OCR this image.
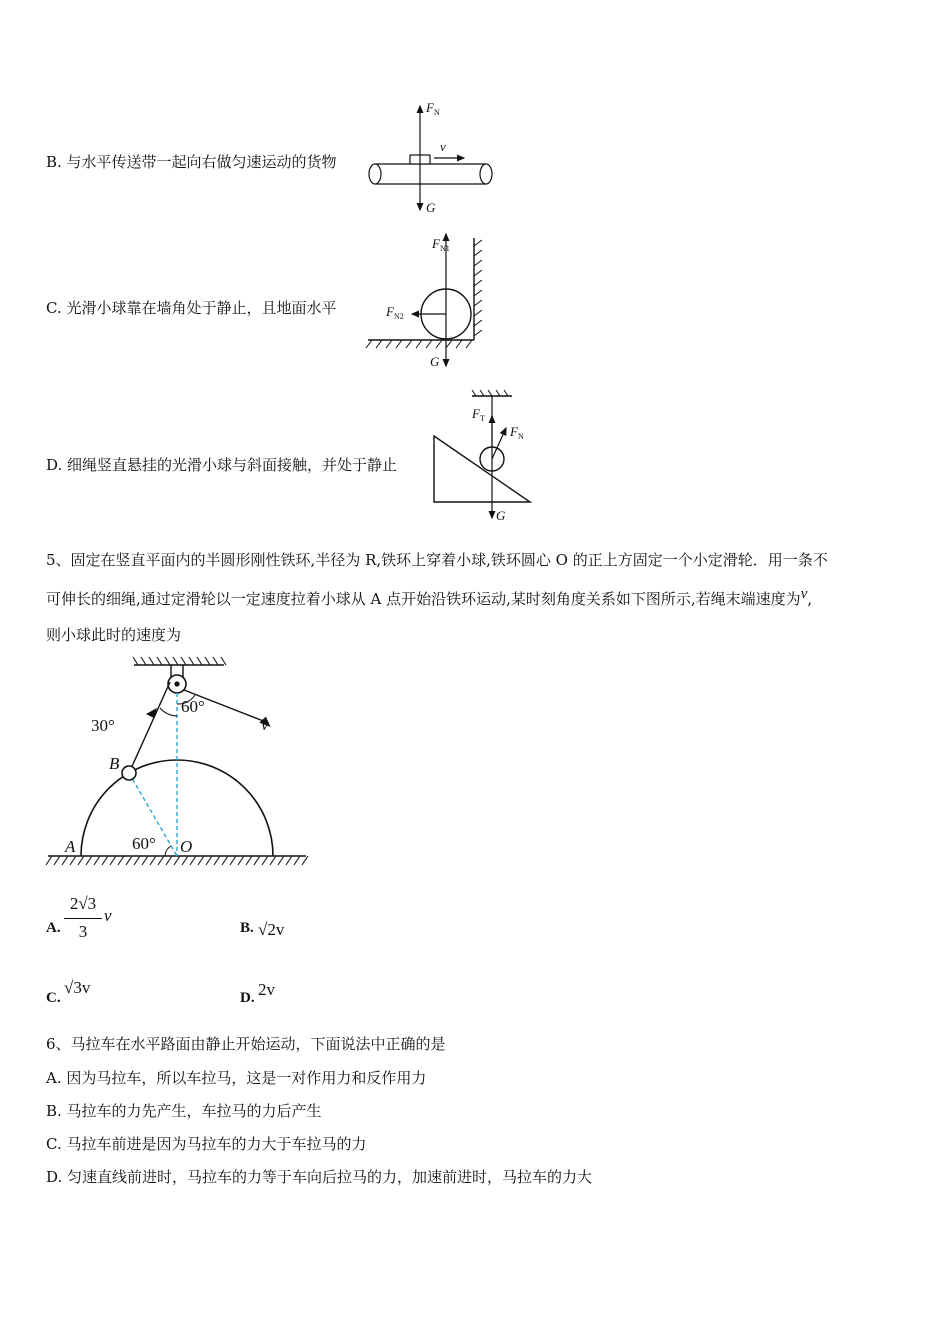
B. 与水平传送带一起向右做匀速运动的货物
$F_N$
v
G
C. 光滑小球靠在墙角处于静止，且地面水平
$F_{N1}$
$F_{N2}$
G
D. 细绳竖直悬挂的光滑小球与斜面接触，并处于静止
$F_T$
$F_N$
G
5、固定在竖直平面内的半圆形刚性铁环,半径为 R,铁环上穿着小球,铁环圆心 O 的正上方固定一个小定滑轮．用一条不
可伸长的细绳,通过定滑轮以一定速度拉着小球从 A 点开始沿铁环运动,某时刻角度关系如下图所示,若绳末端速度为v,
则小球此时的速度为
60°
30°	v
B
A	60° O
A.
2√3
3
v
B. √2v
C.
√3v
D. 2v
6、马拉车在水平路面由静止开始运动，下面说法中正确的是
A. 因为马拉车，所以车拉马，这是一对作用力和反作用力
B. 马拉车的力先产生，车拉马的力后产生
C. 马拉车前进是因为马拉车的力大于车拉马的力
D. 匀速直线前进时，马拉车的力等于车向后拉马的力，加速前进时，马拉车的力大
